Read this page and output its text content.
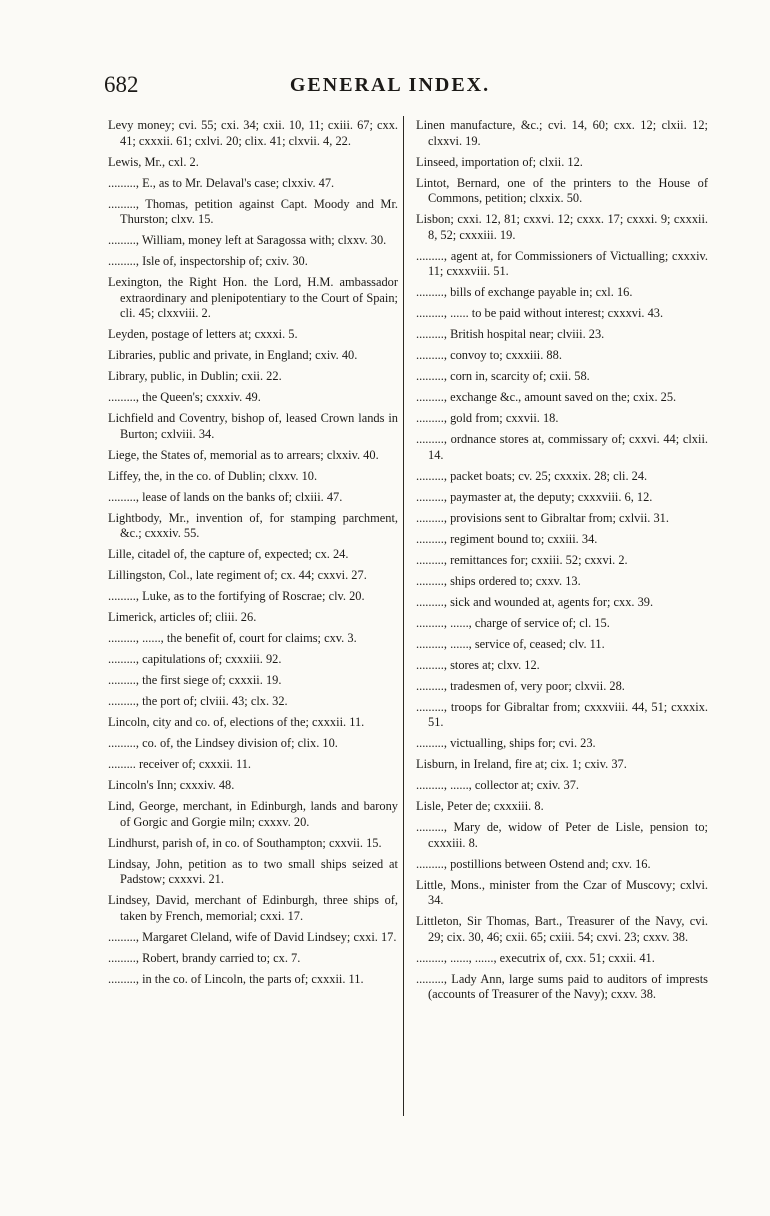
682	GENERAL INDEX.

Levy money; cvi. 55; cxi. 34; cxii. 10, 11; cxiii. 67; cxx. 41; cxxxii. 61; cxlvi. 20; clix. 41; clxvii. 4, 22.

Lewis, Mr., cxl. 2.

........., E., as to Mr. Delaval's case; clxxiv. 47.

........., Thomas, petition against Capt. Moody and Mr. Thurston; clxv. 15.

........., William, money left at Saragossa with; clxxv. 30.

........., Isle of, inspectorship of; cxiv. 30.

Lexington, the Right Hon. the Lord, H.M. ambassador extraordinary and plenipotentiary to the Court of Spain; cli. 45; clxxviii. 2.

Leyden, postage of letters at; cxxxi. 5.

Libraries, public and private, in England; cxiv. 40.

Library, public, in Dublin; cxii. 22.

........., the Queen's; cxxxiv. 49.

Lichfield and Coventry, bishop of, leased Crown lands in Burton; cxlviii. 34.

Liege, the States of, memorial as to arrears; clxxiv. 40.

Liffey, the, in the co. of Dublin; clxxv. 10.

........., lease of lands on the banks of; clxiii. 47.

Lightbody, Mr., invention of, for stamping parchment, &c.; cxxxiv. 55.

Lille, citadel of, the capture of, expected; cx. 24.

Lillingston, Col., late regiment of; cx. 44; cxxvi. 27.

........., Luke, as to the fortifying of Roscrae; clv. 20.

Limerick, articles of; cliii. 26.

........., ......, the benefit of, court for claims; cxv. 3.

........., capitulations of; cxxxiii. 92.

........., the first siege of; cxxxii. 19.

........., the port of; clviii. 43; clx. 32.

Lincoln, city and co. of, elections of the; cxxxii. 11.

........., co. of, the Lindsey division of; clix. 10.

......... receiver of; cxxxii. 11.

Lincoln's Inn; cxxxiv. 48.

Lind, George, merchant, in Edinburgh, lands and barony of Gorgic and Gorgie miln; cxxxv. 20.

Lindhurst, parish of, in co. of Southampton; cxxvii. 15.

Lindsay, John, petition as to two small ships seized at Padstow; cxxxvi. 21.

Lindsey, David, merchant of Edinburgh, three ships of, taken by French, memorial; cxxi. 17.

........., Margaret Cleland, wife of David Lindsey; cxxi. 17.

........., Robert, brandy carried to; cx. 7.

........., in the co. of Lincoln, the parts of; cxxxii. 11.

Linen manufacture, &c.; cvi. 14, 60; cxx. 12; clxii. 12; clxxvi. 19.

Linseed, importation of; clxii. 12.

Lintot, Bernard, one of the printers to the House of Commons, petition; clxxix. 50.

Lisbon; cxxi. 12, 81; cxxvi. 12; cxxx. 17; cxxxi. 9; cxxxii. 8, 52; cxxxiii. 19.

........., agent at, for Commissioners of Victualling; cxxxiv. 11; cxxxviii. 51.

........., bills of exchange payable in; cxl. 16.

........., ...... to be paid without interest; cxxxvi. 43.

........., British hospital near; clviii. 23.

........., convoy to; cxxxiii. 88.

........., corn in, scarcity of; cxii. 58.

........., exchange &c., amount saved on the; cxix. 25.

........., gold from; cxxvii. 18.

........., ordnance stores at, commissary of; cxxvi. 44; clxii. 14.

........., packet boats; cv. 25; cxxxix. 28; cli. 24.

........., paymaster at, the deputy; cxxxviii. 6, 12.

........., provisions sent to Gibraltar from; cxlvii. 31.

........., regiment bound to; cxxiii. 34.

........., remittances for; cxxiii. 52; cxxvi. 2.

........., ships ordered to; cxxv. 13.

........., sick and wounded at, agents for; cxx. 39.

........., ......, charge of service of; cl. 15.

........., ......, service of, ceased; clv. 11.

........., stores at; clxv. 12.

........., tradesmen of, very poor; clxvii. 28.

........., troops for Gibraltar from; cxxxviii. 44, 51; cxxxix. 51.

........., victualling, ships for; cvi. 23.

Lisburn, in Ireland, fire at; cix. 1; cxiv. 37.

........., ......, collector at; cxiv. 37.

Lisle, Peter de; cxxxiii. 8.

........., Mary de, widow of Peter de Lisle, pension to; cxxxiii. 8.

........., postillions between Ostend and; cxv. 16.

Little, Mons., minister from the Czar of Muscovy; cxlvi. 34.

Littleton, Sir Thomas, Bart., Treasurer of the Navy, cvi. 29; cix. 30, 46; cxii. 65; cxiii. 54; cxvi. 23; cxxv. 38.

........., ......, ......, executrix of, cxx. 51; cxxii. 41.

........., Lady Ann, large sums paid to auditors of imprests (accounts of Treasurer of the Navy); cxxv. 38.
